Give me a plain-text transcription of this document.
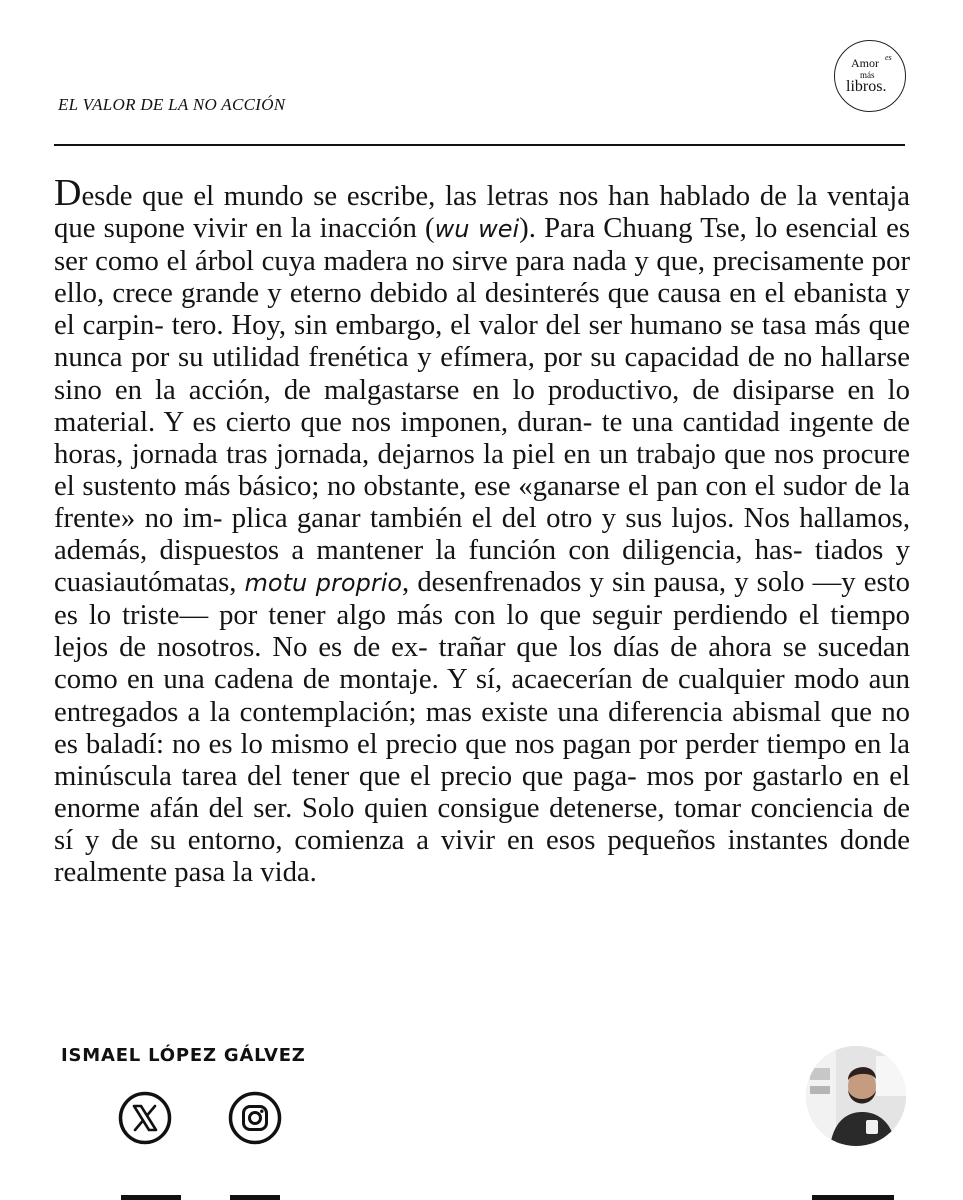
EL VALOR DE LA NO ACCIÓN
Amor es
más
libros.

Desde que el mundo se escribe, las letras nos han hablado de la ventaja que supone vivir en la inacción (wu wei). Para Chuang Tse, lo esencial es ser como el árbol cuya madera no sirve para nada y que, precisamente por ello, crece grande y eterno debido al desinterés que causa en el ebanista y el carpin- tero. Hoy, sin embargo, el valor del ser humano se tasa más que nunca por su utilidad frenética y efímera, por su capacidad de no hallarse sino en la acción, de malgastarse en lo productivo, de disiparse en lo material. Y es cierto que nos imponen, duran- te una cantidad ingente de horas, jornada tras jornada, dejarnos la piel en un trabajo que nos procure el sustento más básico; no obstante, ese «ganarse el pan con el sudor de la frente» no im- plica ganar también el del otro y sus lujos. Nos hallamos, además, dispuestos a mantener la función con diligencia, has- tiados y cuasiautómatas, motu proprio, desenfrenados y sin pausa, y solo —y esto es lo triste— por tener algo más con lo que seguir perdiendo el tiempo lejos de nosotros. No es de ex- trañar que los días de ahora se sucedan como en una cadena de montaje. Y sí, acaecerían de cualquier modo aun entregados a la contemplación; mas existe una diferencia abismal que no es baladí: no es lo mismo el precio que nos pagan por perder tiempo en la minúscula tarea del tener que el precio que paga- mos por gastarlo en el enorme afán del ser. Solo quien consigue detenerse, tomar conciencia de sí y de su entorno, comienza a vivir en esos pequeños instantes donde realmente pasa la vida.

ISMAEL LÓPEZ GÁLVEZ
